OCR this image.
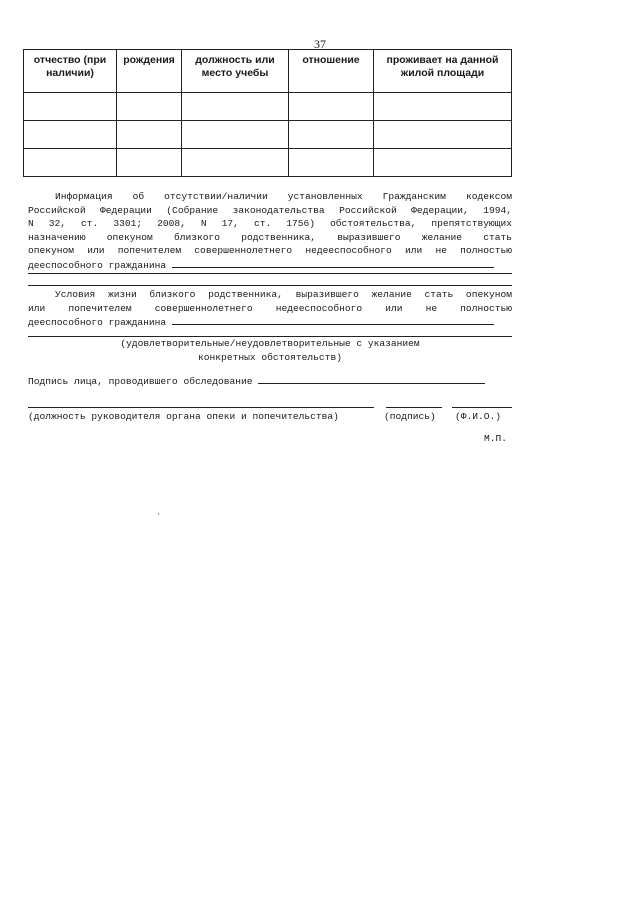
37
отчество (при наличии)	рождения	должность или место учебы	отношение	проживает на данной жилой площади

Информация об отсутствии/наличии установленных Гражданским кодексом
Российской Федерации (Собрание законодательства Российской Федерации, 1994,
N 32, ст. 3301; 2008, N 17, ст. 1756) обстоятельства, препятствующих
назначению опекуном близкого родственника, выразившего желание стать
опекуном или попечителем совершеннолетнего недееспособного или не полностью
дееспособного гражданина
Условия жизни близкого родственника, выразившего желание стать опекуном
или попечителем совершеннолетнего недееспособного или не полностью
дееспособного гражданина
(удовлетворительные/неудовлетворительные с указанием
конкретных обстоятельств)
Подпись лица, проводившего обследование
(должность руководителя органа опеки и попечительства)	(подпись) (Ф.И.О.)
М.П.
